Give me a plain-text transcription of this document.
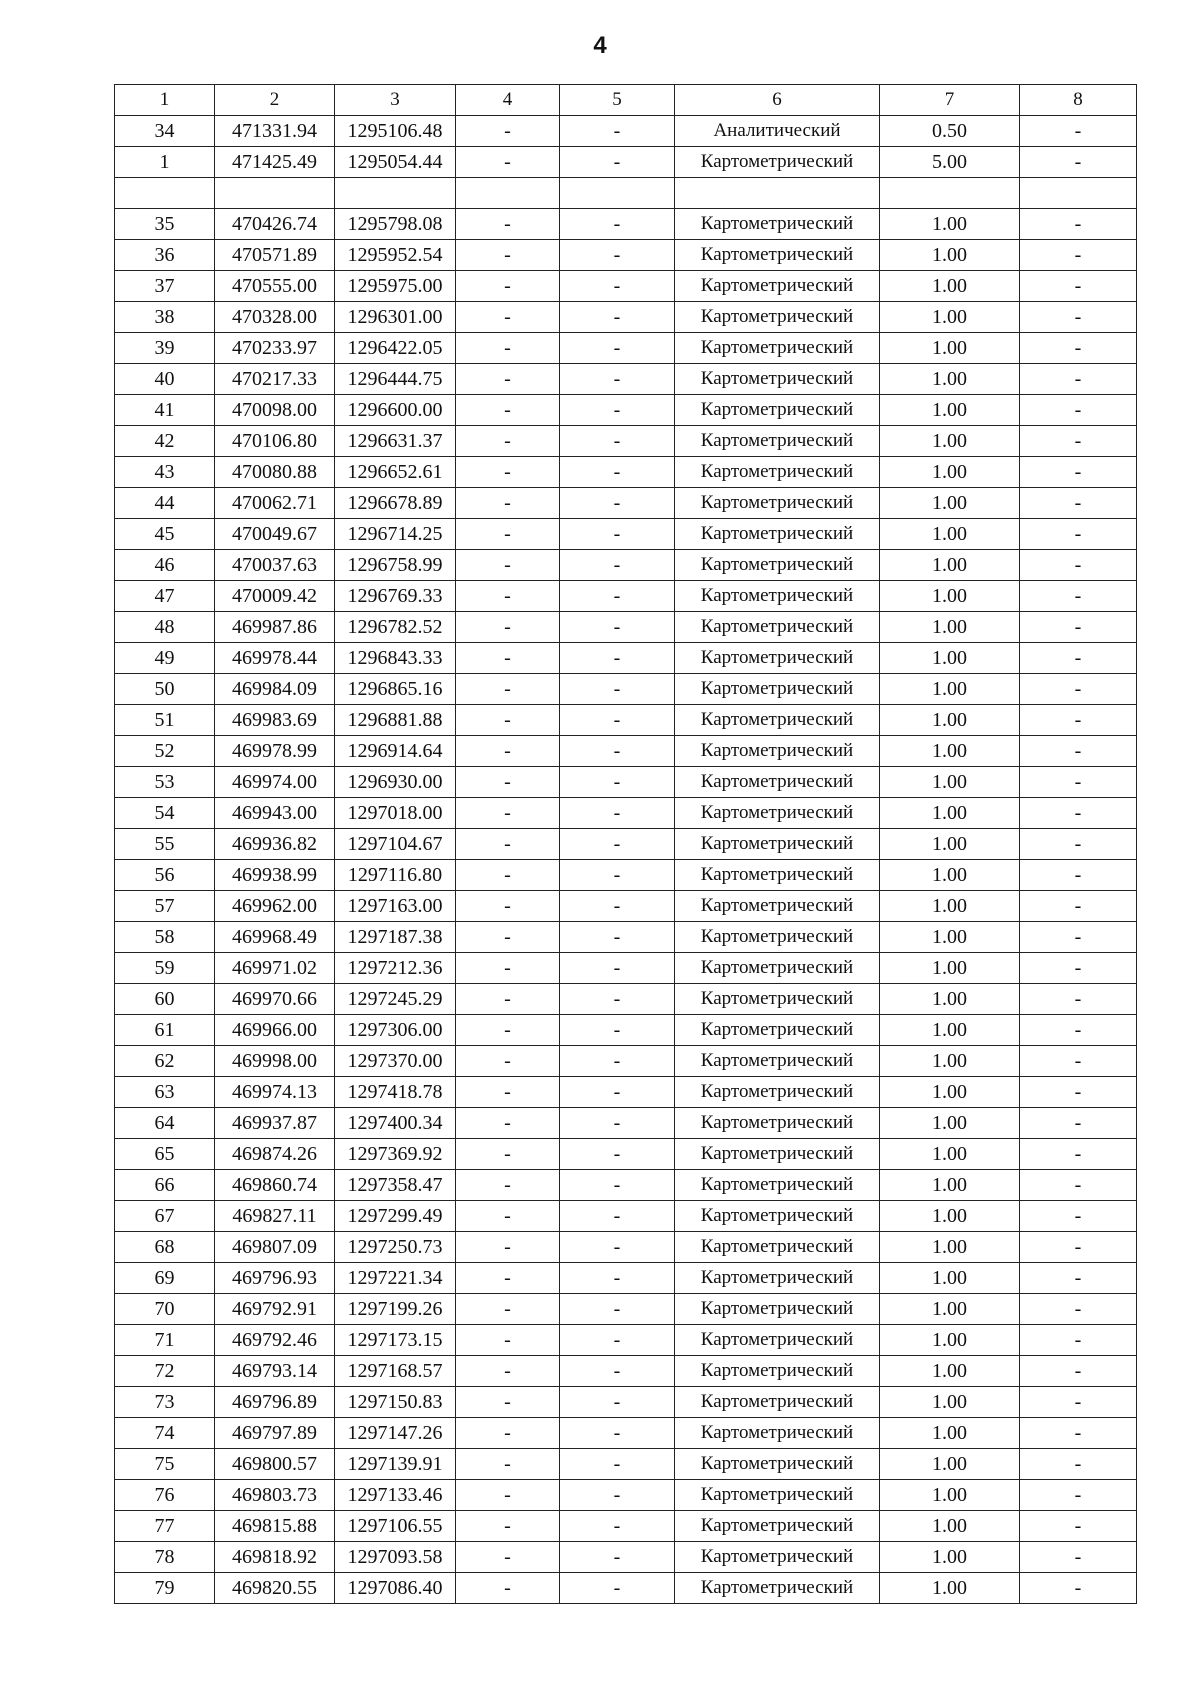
4
1	2	3	4	5	6	7	8
34	471331.94	1295106.48	-	-	Аналитический	0.50	-
1	471425.49	1295054.44	-	-	Картометрический	5.00	-

35	470426.74	1295798.08	-	-	Картометрический	1.00	-
36	470571.89	1295952.54	-	-	Картометрический	1.00	-
37	470555.00	1295975.00	-	-	Картометрический	1.00	-
38	470328.00	1296301.00	-	-	Картометрический	1.00	-
39	470233.97	1296422.05	-	-	Картометрический	1.00	-
40	470217.33	1296444.75	-	-	Картометрический	1.00	-
41	470098.00	1296600.00	-	-	Картометрический	1.00	-
42	470106.80	1296631.37	-	-	Картометрический	1.00	-
43	470080.88	1296652.61	-	-	Картометрический	1.00	-
44	470062.71	1296678.89	-	-	Картометрический	1.00	-
45	470049.67	1296714.25	-	-	Картометрический	1.00	-
46	470037.63	1296758.99	-	-	Картометрический	1.00	-
47	470009.42	1296769.33	-	-	Картометрический	1.00	-
48	469987.86	1296782.52	-	-	Картометрический	1.00	-
49	469978.44	1296843.33	-	-	Картометрический	1.00	-
50	469984.09	1296865.16	-	-	Картометрический	1.00	-
51	469983.69	1296881.88	-	-	Картометрический	1.00	-
52	469978.99	1296914.64	-	-	Картометрический	1.00	-
53	469974.00	1296930.00	-	-	Картометрический	1.00	-
54	469943.00	1297018.00	-	-	Картометрический	1.00	-
55	469936.82	1297104.67	-	-	Картометрический	1.00	-
56	469938.99	1297116.80	-	-	Картометрический	1.00	-
57	469962.00	1297163.00	-	-	Картометрический	1.00	-
58	469968.49	1297187.38	-	-	Картометрический	1.00	-
59	469971.02	1297212.36	-	-	Картометрический	1.00	-
60	469970.66	1297245.29	-	-	Картометрический	1.00	-
61	469966.00	1297306.00	-	-	Картометрический	1.00	-
62	469998.00	1297370.00	-	-	Картометрический	1.00	-
63	469974.13	1297418.78	-	-	Картометрический	1.00	-
64	469937.87	1297400.34	-	-	Картометрический	1.00	-
65	469874.26	1297369.92	-	-	Картометрический	1.00	-
66	469860.74	1297358.47	-	-	Картометрический	1.00	-
67	469827.11	1297299.49	-	-	Картометрический	1.00	-
68	469807.09	1297250.73	-	-	Картометрический	1.00	-
69	469796.93	1297221.34	-	-	Картометрический	1.00	-
70	469792.91	1297199.26	-	-	Картометрический	1.00	-
71	469792.46	1297173.15	-	-	Картометрический	1.00	-
72	469793.14	1297168.57	-	-	Картометрический	1.00	-
73	469796.89	1297150.83	-	-	Картометрический	1.00	-
74	469797.89	1297147.26	-	-	Картометрический	1.00	-
75	469800.57	1297139.91	-	-	Картометрический	1.00	-
76	469803.73	1297133.46	-	-	Картометрический	1.00	-
77	469815.88	1297106.55	-	-	Картометрический	1.00	-
78	469818.92	1297093.58	-	-	Картометрический	1.00	-
79	469820.55	1297086.40	-	-	Картометрический	1.00	-
